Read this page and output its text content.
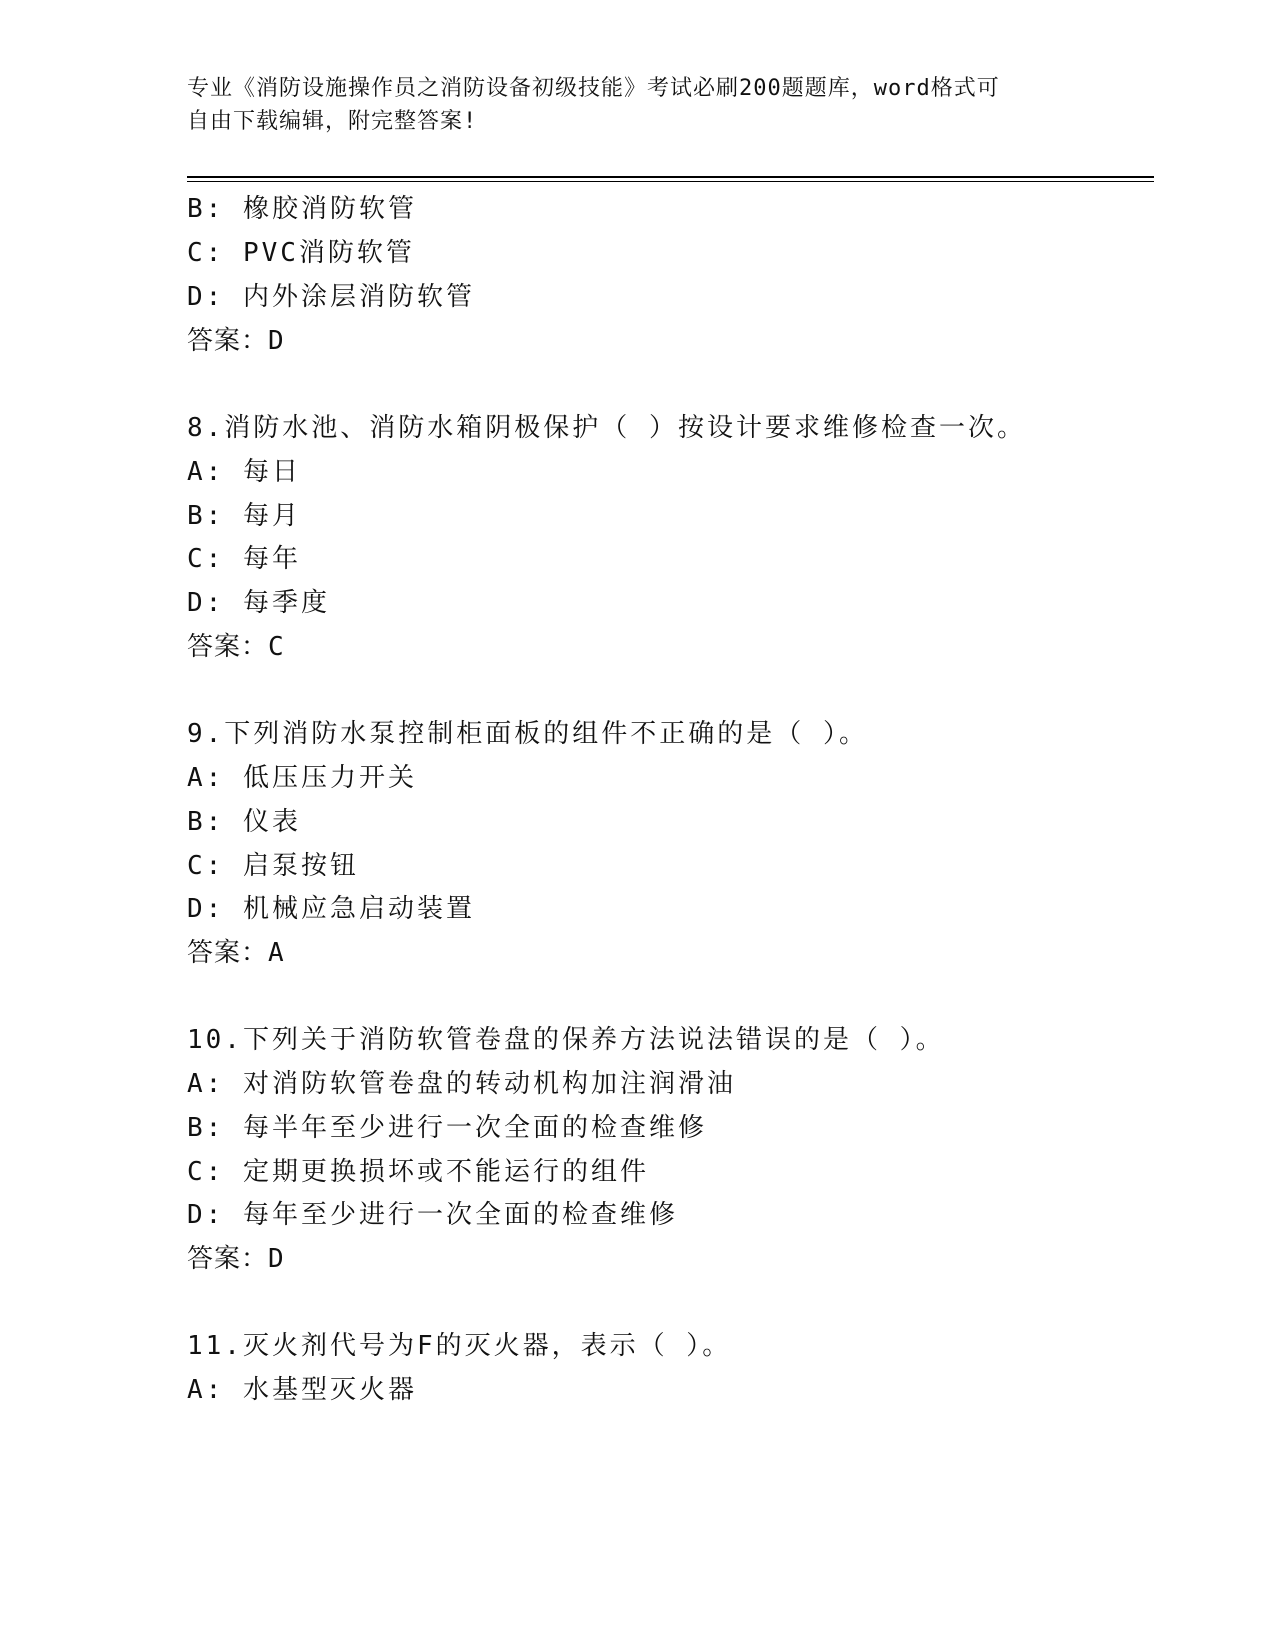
专业《消防设施操作员之消防设备初级技能》考试必刷200题题库，word格式可
自由下载编辑，附完整答案!
B: 橡胶消防软管
C: PVC消防软管
D: 内外涂层消防软管
答案：D
8.消防水池、消防水箱阴极保护（ ）按设计要求维修检查一次。
A: 每日
B: 每月
C: 每年
D: 每季度
答案：C
9.下列消防水泵控制柜面板的组件不正确的是（ ）。
A: 低压压力开关
B: 仪表
C: 启泵按钮
D: 机械应急启动装置
答案：A
10.下列关于消防软管卷盘的保养方法说法错误的是（ ）。
A: 对消防软管卷盘的转动机构加注润滑油
B: 每半年至少进行一次全面的检查维修
C: 定期更换损坏或不能运行的组件
D: 每年至少进行一次全面的检查维修
答案：D
11.灭火剂代号为F的灭火器，表示（ ）。
A: 水基型灭火器
